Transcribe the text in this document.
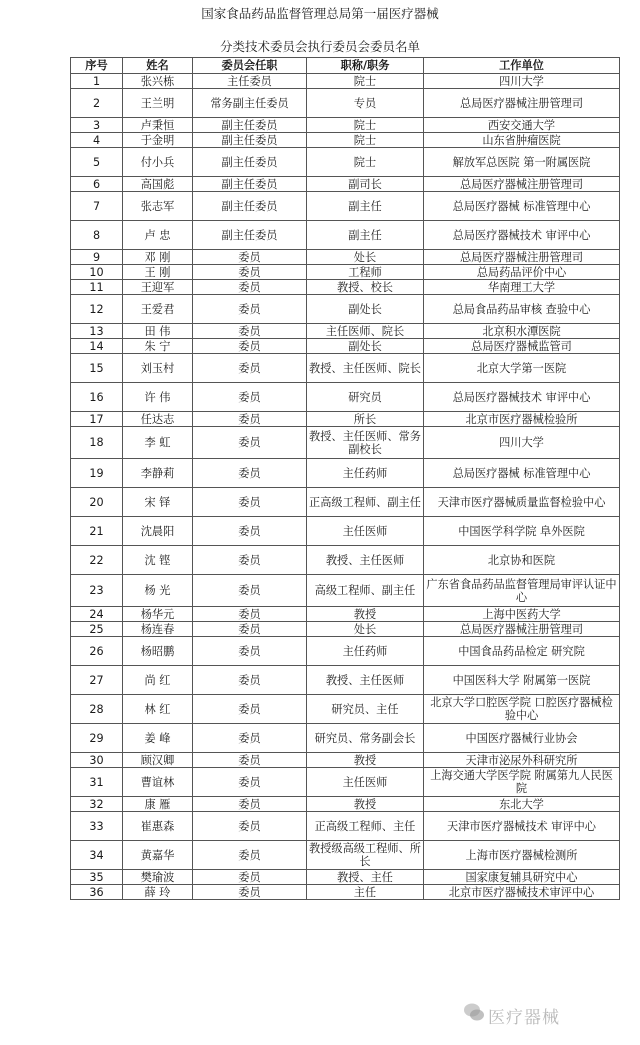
国家食品药品监督管理总局第一届医疗器械
分类技术委员会执行委员会委员名单
序号	姓名	委员会任职	职称/职务	工作单位
1	张兴栋	主任委员	院士	四川大学
2	王兰明	常务副主任委员	专员	总局医疗器械注册管理司
3	卢秉恒	副主任委员	院士	西安交通大学
4	于金明	副主任委员	院士	山东省肿瘤医院
5	付小兵	副主任委员	院士	解放军总医院 第一附属医院
6	高国彪	副主任委员	副司长	总局医疗器械注册管理司
7	张志军	副主任委员	副主任	总局医疗器械 标准管理中心
8	卢 忠	副主任委员	副主任	总局医疗器械技术 审评中心
9	邓 刚	委员	处长	总局医疗器械注册管理司
10	王 刚	委员	工程师	总局药品评价中心
11	王迎军	委员	教授、校长	华南理工大学
12	王爱君	委员	副处长	总局食品药品审核 查验中心
13	田 伟	委员	主任医师、院长	北京积水潭医院
14	朱 宁	委员	副处长	总局医疗器械监管司
15	刘玉村	委员	教授、主任医师、院长	北京大学第一医院
16	许 伟	委员	研究员	总局医疗器械技术 审评中心
17	任达志	委员	所长	北京市医疗器械检验所
18	李 虹	委员	教授、主任医师、常务副校长	四川大学
19	李静莉	委员	主任药师	总局医疗器械 标准管理中心
20	宋 铎	委员	正高级工程师、副主任	天津市医疗器械质量监督检验中心
21	沈晨阳	委员	主任医师	中国医学科学院 阜外医院
22	沈 铿	委员	教授、主任医师	北京协和医院
23	杨 光	委员	高级工程师、副主任	广东省食品药品监督管理局审评认证中心
24	杨华元	委员	教授	上海中医药大学
25	杨连春	委员	处长	总局医疗器械注册管理司
26	杨昭鹏	委员	主任药师	中国食品药品检定 研究院
27	尚 红	委员	教授、主任医师	中国医科大学 附属第一医院
28	林 红	委员	研究员、主任	北京大学口腔医学院 口腔医疗器械检验中心
29	姜 峰	委员	研究员、常务副会长	中国医疗器械行业协会
30	顾汉卿	委员	教授	天津市泌尿外科研究所
31	曹谊林	委员	主任医师	上海交通大学医学院 附属第九人民医院
32	康 雁	委员	教授	东北大学
33	崔惠森	委员	正高级工程师、主任	天津市医疗器械技术 审评中心
34	黄嘉华	委员	教授级高级工程师、所长	上海市医疗器械检测所
35	樊瑜波	委员	教授、主任	国家康复辅具研究中心
36	薛 玲	委员	主任	北京市医疗器械技术审评中心
医疗器械
